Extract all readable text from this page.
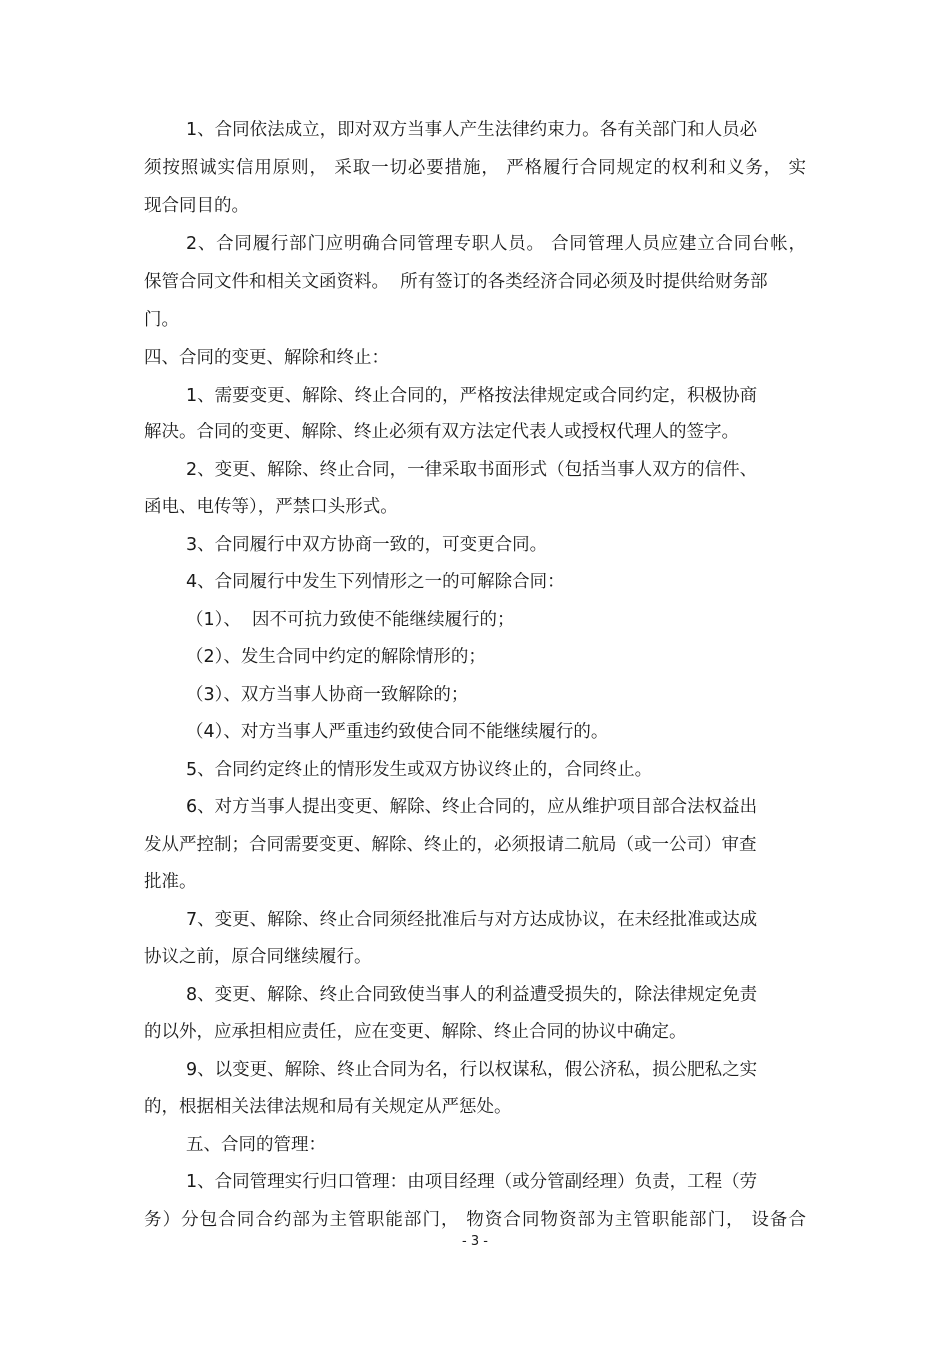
1、合同依法成立，即对双方当事人产生法律约束力。各有关部门和人员必

须按照诚实信用原则， 采取一切必要措施， 严格履行合同规定的权利和义务， 实

现合同目的。

2、合同履行部门应明确合同管理专职人员。 合同管理人员应建立合同台帐，

保管合同文件和相关文函资料。  所有签订的各类经济合同必须及时提供给财务部

门。

四、合同的变更、解除和终止：

1、需要变更、解除、终止合同的，严格按法律规定或合同约定，积极协商

解决。合同的变更、解除、终止必须有双方法定代表人或授权代理人的签字。

2、变更、解除、终止合同，一律采取书面形式（包括当事人双方的信件、

函电、电传等），严禁口头形式。

3、合同履行中双方协商一致的，可变更合同。

4、合同履行中发生下列情形之一的可解除合同：

（1）、  因不可抗力致使不能继续履行的；

（2）、发生合同中约定的解除情形的；

（3）、双方当事人协商一致解除的；

（4）、对方当事人严重违约致使合同不能继续履行的。

5、合同约定终止的情形发生或双方协议终止的，合同终止。

6、对方当事人提出变更、解除、终止合同的，应从维护项目部合法权益出

发从严控制；合同需要变更、解除、终止的，必须报请二航局（或一公司）审查

批准。

7、变更、解除、终止合同须经批准后与对方达成协议，在未经批准或达成

协议之前，原合同继续履行。

8、变更、解除、终止合同致使当事人的利益遭受损失的，除法律规定免责

的以外，应承担相应责任，应在变更、解除、终止合同的协议中确定。

9、以变更、解除、终止合同为名，行以权谋私，假公济私，损公肥私之实

的，根据相关法律法规和局有关规定从严惩处。

五、合同的管理：

1、合同管理实行归口管理：由项目经理（或分管副经理）负责，工程（劳

务）分包合同合约部为主管职能部门， 物资合同物资部为主管职能部门， 设备合

- 3 -
